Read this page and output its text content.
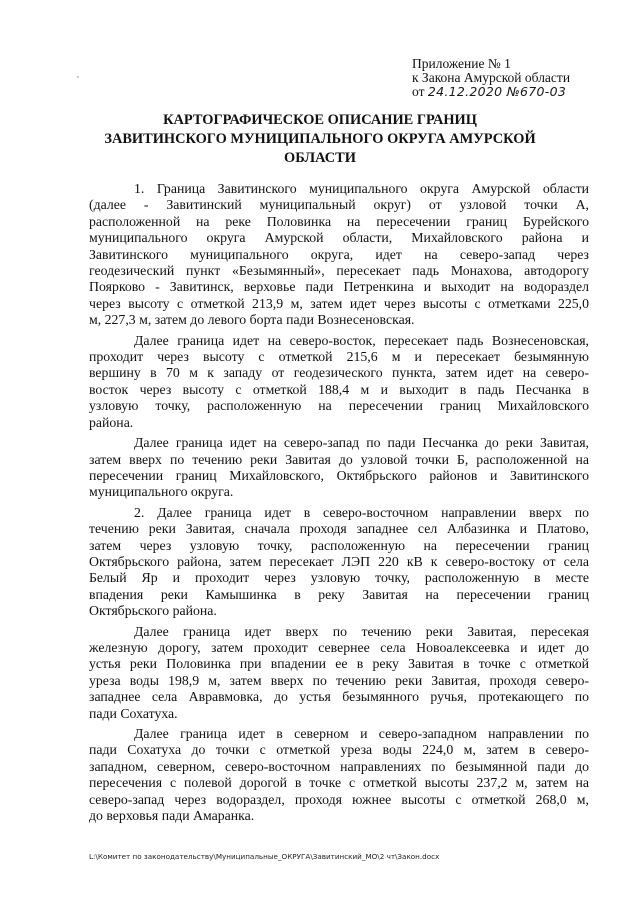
Приложение № 1
к Закона Амурской области
от 24.12.2020 №670-03
КАРТОГРАФИЧЕСКОЕ ОПИСАНИЕ ГРАНИЦ
ЗАВИТИНСКОГО МУНИЦИПАЛЬНОГО ОКРУГА АМУРСКОЙ
ОБЛАСТИ
1. Граница Завитинского муниципального округа Амурской области
(далее - Завитинский муниципальный округ) от узловой точки А,
расположенной на реке Половинка на пересечении границ Бурейского
муниципального округа Амурской области, Михайловского района и
Завитинского муниципального округа, идет на северо-запад через
геодезический пункт «Безымянный», пересекает падь Монахова, автодорогу
Поярково - Завитинск, верховье пади Петренкина и выходит на водораздел
через высоту с отметкой 213,9 м, затем идет через высоты с отметками 225,0
м, 227,3 м, затем до левого борта пади Вознесеновская.
Далее граница идет на северо-восток, пересекает падь Вознесеновская,
проходит через высоту с отметкой 215,6 м и пересекает безымянную
вершину в 70 м к западу от геодезического пункта, затем идет на северо-
восток через высоту с отметкой 188,4 м и выходит в падь Песчанка в
узловую точку, расположенную на пересечении границ Михайловского
района.
Далее граница идет на северо-запад по пади Песчанка до реки Завитая,
затем вверх по течению реки Завитая до узловой точки Б, расположенной на
пересечении границ Михайловского, Октябрьского районов и Завитинского
муниципального округа.
2. Далее граница идет в северо-восточном направлении вверх по
течению реки Завитая, сначала проходя западнее сел Албазинка и Платово,
затем через узловую точку, расположенную на пересечении границ
Октябрьского района, затем пересекает ЛЭП 220 кВ к северо-востоку от села
Белый Яр и проходит через узловую точку, расположенную в месте
впадения реки Камышинка в реку Завитая на пересечении границ
Октябрьского района.
Далее граница идет вверх по течению реки Завитая, пересекая
железную дорогу, затем проходит севернее села Новоалексеевка и идет до
устья реки Половинка при впадении ее в реку Завитая в точке с отметкой
уреза воды 198,9 м, затем вверх по течению реки Завитая, проходя северо-
западнее села Авравмовка, до устья безымянного ручья, протекающего по
пади Сохатуха.
Далее граница идет в северном и северо-западном направлении по
пади Сохатуха до точки с отметкой уреза воды 224,0 м, затем в северо-
западном, северном, северо-восточном направлениях по безымянной пади до
пересечения с полевой дорогой в точке с отметкой высоты 237,2 м, затем на
северо-запад через водораздел, проходя южнее высоты с отметкой 268,0 м,
до верховья пади Амаранка.
L:\Комитет по законодательству\Муниципальные_ОКРУГА\Завитинский_МО\2 чт\Закон.docx
